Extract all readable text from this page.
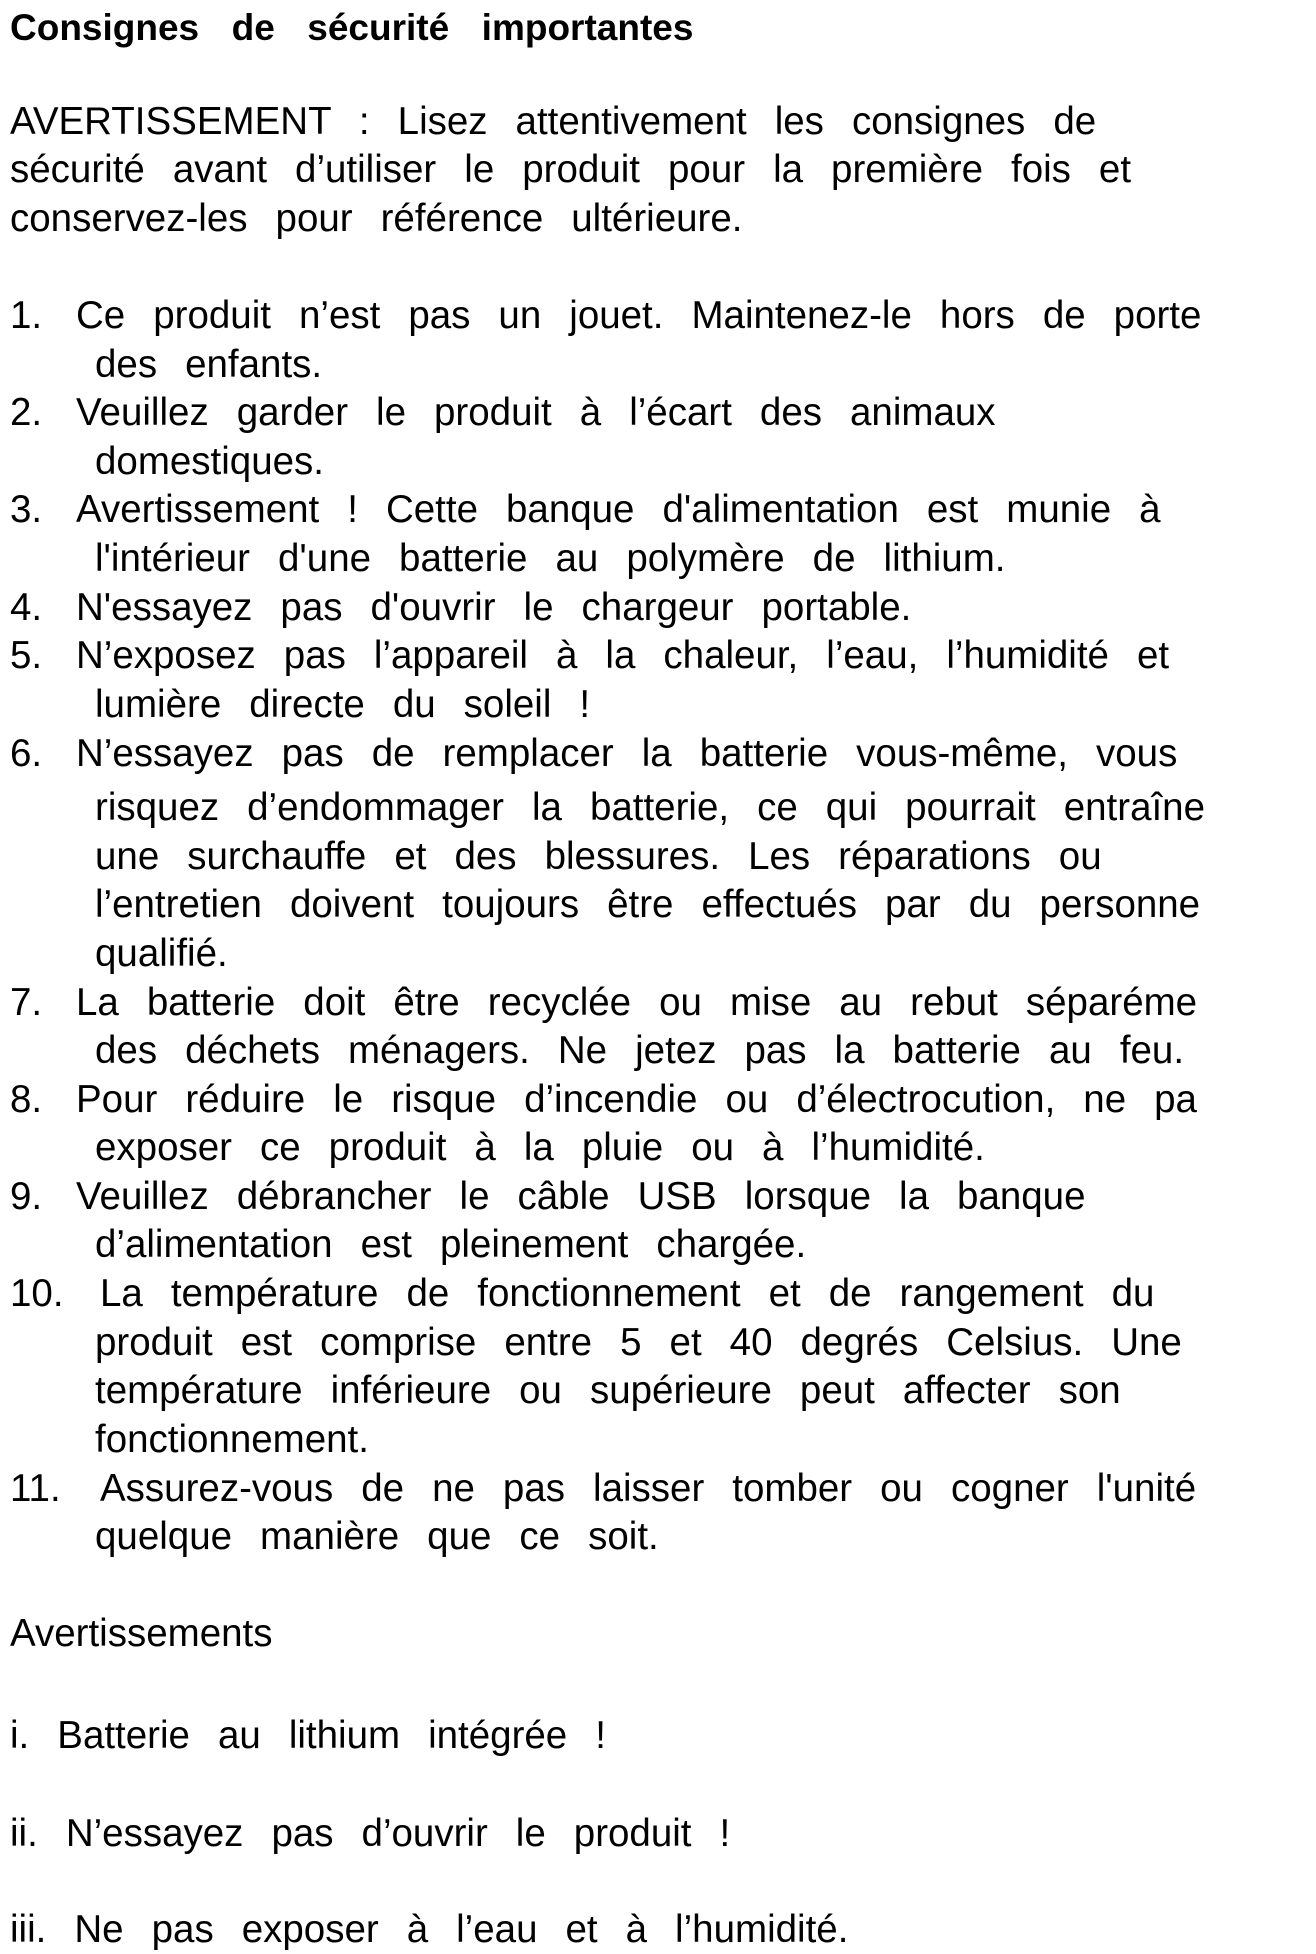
Consignes de sécurité importantes
AVERTISSEMENT : Lisez attentivement les consignes de
sécurité avant d’utiliser le produit pour la première fois et
conservez-les pour référence ultérieure.
1. Ce produit n’est pas un jouet. Maintenez-le hors de porte
des enfants.
2. Veuillez garder le produit à l’écart des animaux
domestiques.
3. Avertissement ! Cette banque d'alimentation est munie à
l'intérieur d'une batterie au polymère de lithium.
4. N'essayez pas d'ouvrir le chargeur portable.
5. N’exposez pas l’appareil à la chaleur, l’eau, l’humidité et
lumière directe du soleil !
6. N’essayez pas de remplacer la batterie vous-même, vous
risquez d’endommager la batterie, ce qui pourrait entraîne
une surchauffe et des blessures. Les réparations ou
l’entretien doivent toujours être effectués par du personne
qualifié.
7. La batterie doit être recyclée ou mise au rebut séparéme
des déchets ménagers. Ne jetez pas la batterie au feu.
8. Pour réduire le risque d’incendie ou d’électrocution, ne pa
exposer ce produit à la pluie ou à l’humidité.
9. Veuillez débrancher le câble USB lorsque la banque
d’alimentation est pleinement chargée.
10. La température de fonctionnement et de rangement du
produit est comprise entre 5 et 40 degrés Celsius. Une
température inférieure ou supérieure peut affecter son
fonctionnement.
11. Assurez-vous de ne pas laisser tomber ou cogner l'unité
quelque manière que ce soit.
Avertissements
i. Batterie au lithium intégrée !
ii. N’essayez pas d’ouvrir le produit !
iii. Ne pas exposer à l’eau et à l’humidité.
